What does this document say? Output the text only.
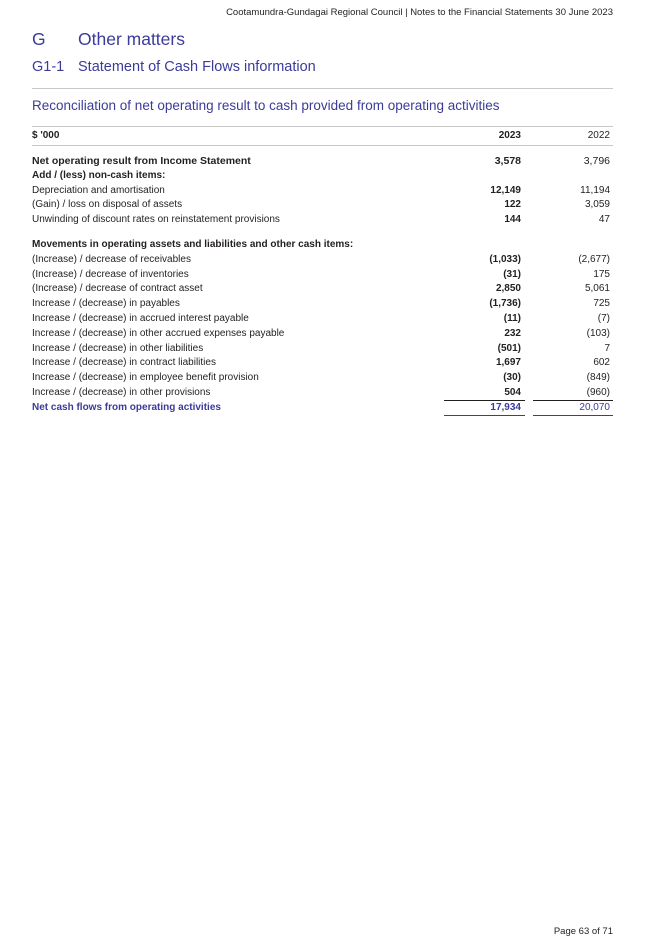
Cootamundra-Gundagai Regional Council | Notes to the Financial Statements 30 June 2023
G Other matters
G1-1 Statement of Cash Flows information
Reconciliation of net operating result to cash provided from operating activities
$ '000	2023	2022
Net operating result from Income Statement	3,578	3,796
Add / (less) non-cash items:
Depreciation and amortisation	12,149	11,194
(Gain) / loss on disposal of assets	122	3,059
Unwinding of discount rates on reinstatement provisions	144	47
Movements in operating assets and liabilities and other cash items:
(Increase) / decrease of receivables	(1,033)	(2,677)
(Increase) / decrease of inventories	(31)	175
(Increase) / decrease of contract asset	2,850	5,061
Increase / (decrease) in payables	(1,736)	725
Increase / (decrease) in accrued interest payable	(11)	(7)
Increase / (decrease) in other accrued expenses payable	232	(103)
Increase / (decrease) in other liabilities	(501)	7
Increase / (decrease) in contract liabilities	1,697	602
Increase / (decrease) in employee benefit provision	(30)	(849)
Increase / (decrease) in other provisions	504	(960)
Net cash flows from operating activities	17,934	20,070
Page 63 of 71
